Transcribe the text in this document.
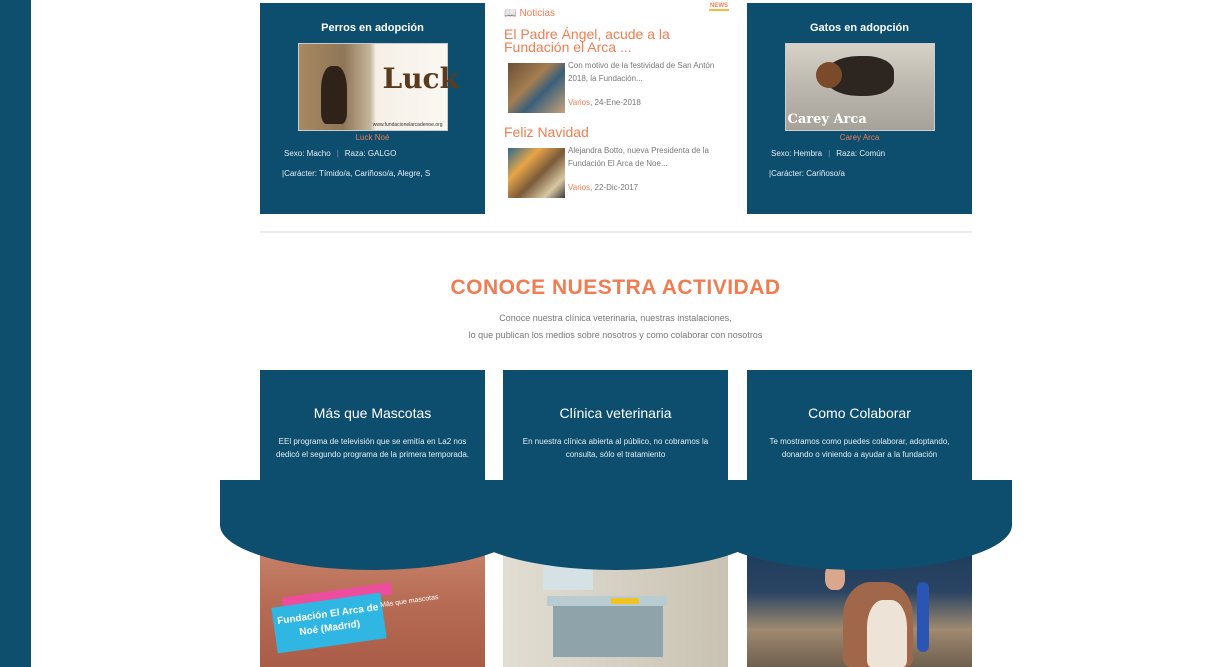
Perros en adopción
Luck
www.fundacionelarcadenoe.org
Luck Noé
Sexo: Macho | Raza: GALGO
|Carácter: Tímido/a, Cariñoso/a, Alegre, S
📖 Noticias
NEWS
El Padre Ángel, acude a la Fundación el Arca ...
Con motivo de la festividad de San Antón 2018, la Fundación...
Varios, 24-Ene-2018
Feliz Navidad
Alejandra Botto, nueva Presidenta de la Fundación El Arca de Noe...
Varios, 22-Dic-2017
Gatos en adopción
Carey Arca
Carey Arca
Sexo: Hembra | Raza: Común
|Carácter: Cariñoso/a
CONOCE NUESTRA ACTIVIDAD

Conoce nuestra clínica veterinaria, nuestras instalaciones,

lo que publican los medios sobre nosotros y como colaborar con nosotros

Fundación El Arca de Noé (Madrid)
Más que mascotas
Más que Mascotas
EEl programa de televisión que se emitía en La2 nos dedicó el segundo programa de la primera temporada.
Clínica veterinaria
En nuestra clínica abierta al público, no cobramos la consulta, sólo el tratamiento
Como Colaborar
Te mostramos como puedes colaborar, adoptando, donando o viniendo a ayudar a la fundación
